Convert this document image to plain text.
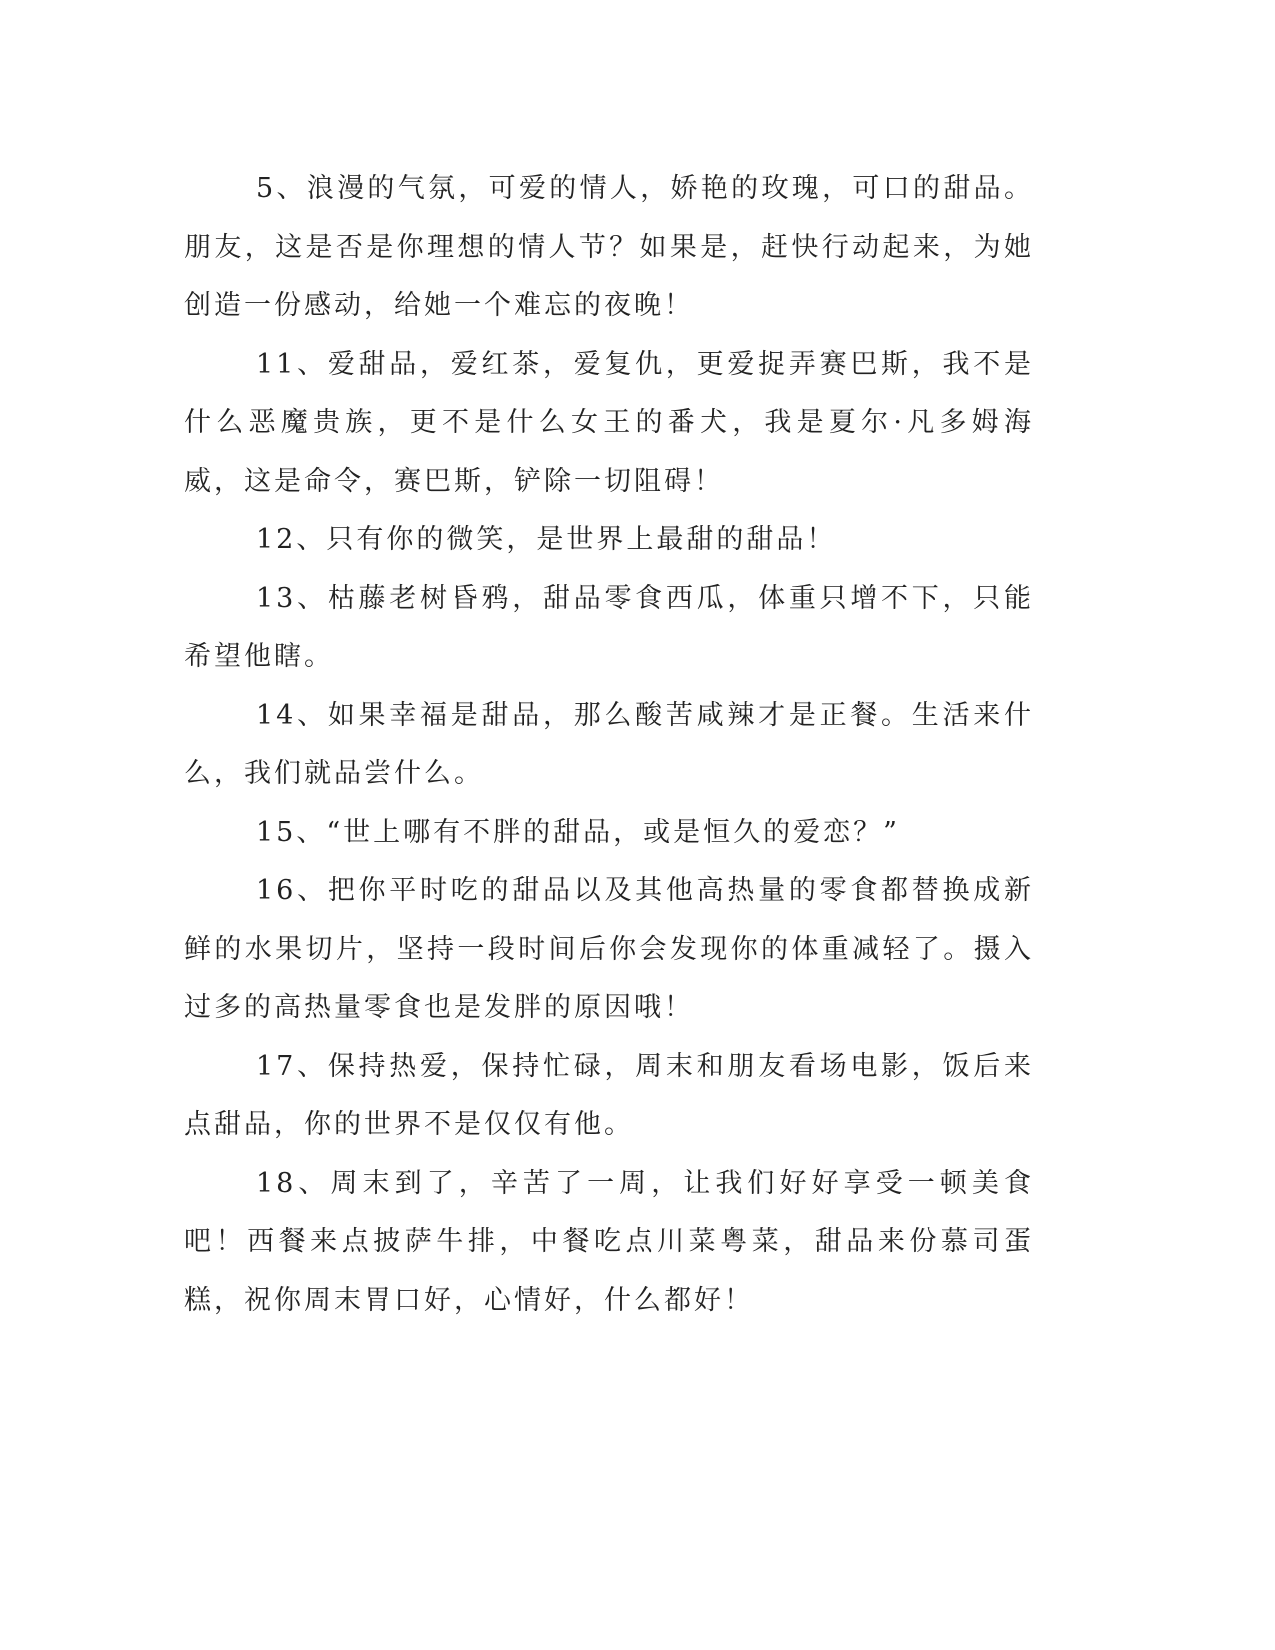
5、浪漫的气氛，可爱的情人，娇艳的玫瑰，可口的甜品。朋友，这是否是你理想的情人节？如果是，赶快行动起来，为她创造一份感动，给她一个难忘的夜晚！

11、爱甜品，爱红茶，爱复仇，更爱捉弄赛巴斯，我不是什么恶魔贵族，更不是什么女王的番犬，我是夏尔·凡多姆海威，这是命令，赛巴斯，铲除一切阻碍！

12、只有你的微笑，是世界上最甜的甜品！

13、枯藤老树昏鸦，甜品零食西瓜，体重只增不下，只能希望他瞎。

14、如果幸福是甜品，那么酸苦咸辣才是正餐。生活来什么，我们就品尝什么。

15、“世上哪有不胖的甜品，或是恒久的爱恋？”

16、把你平时吃的甜品以及其他高热量的零食都替换成新鲜的水果切片，坚持一段时间后你会发现你的体重减轻了。摄入过多的高热量零食也是发胖的原因哦！

17、保持热爱，保持忙碌，周末和朋友看场电影，饭后来点甜品，你的世界不是仅仅有他。

18、周末到了，辛苦了一周，让我们好好享受一顿美食吧！西餐来点披萨牛排，中餐吃点川菜粤菜，甜品来份慕司蛋糕，祝你周末胃口好，心情好，什么都好！
